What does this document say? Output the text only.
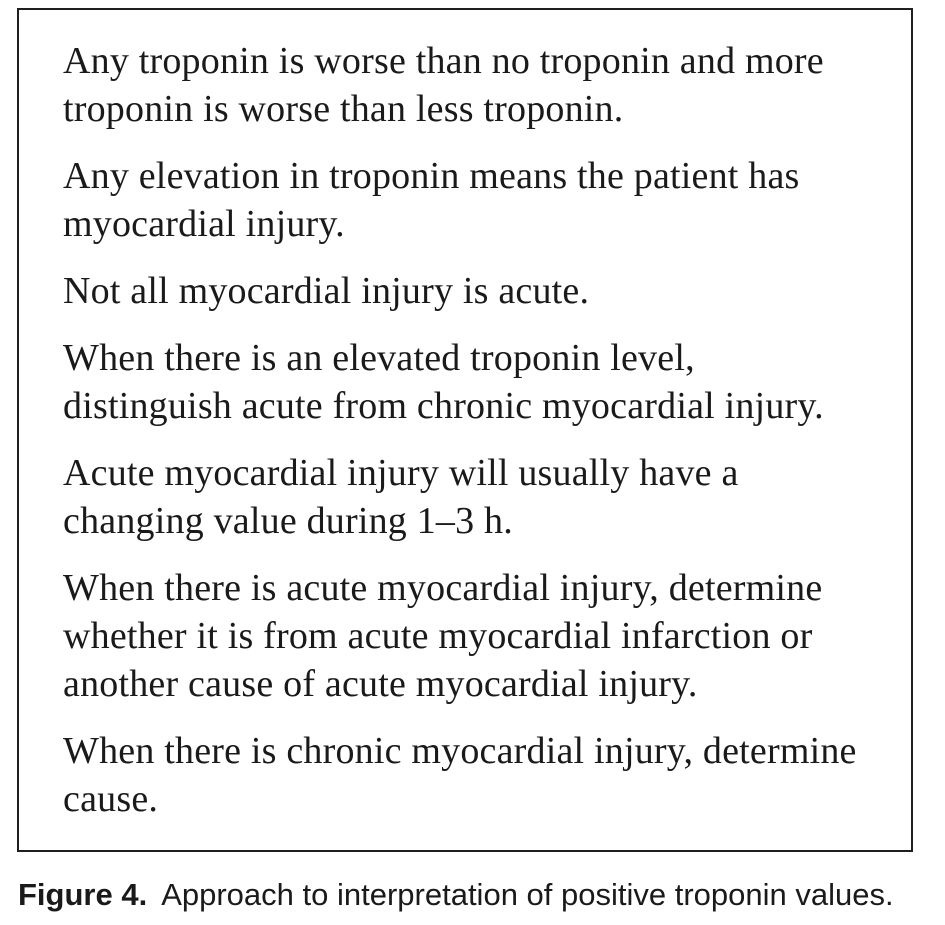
Any troponin is worse than no troponin and more troponin is worse than less troponin.

Any elevation in troponin means the patient has myocardial injury.

Not all myocardial injury is acute.

When there is an elevated troponin level, distinguish acute from chronic myocardial injury.

Acute myocardial injury will usually have a changing value during 1–3 h.

When there is acute myocardial injury, determine whether it is from acute myocardial infarction or another cause of acute myocardial injury.

When there is chronic myocardial injury, determine cause.

Figure 4. Approach to interpretation of positive troponin values.
